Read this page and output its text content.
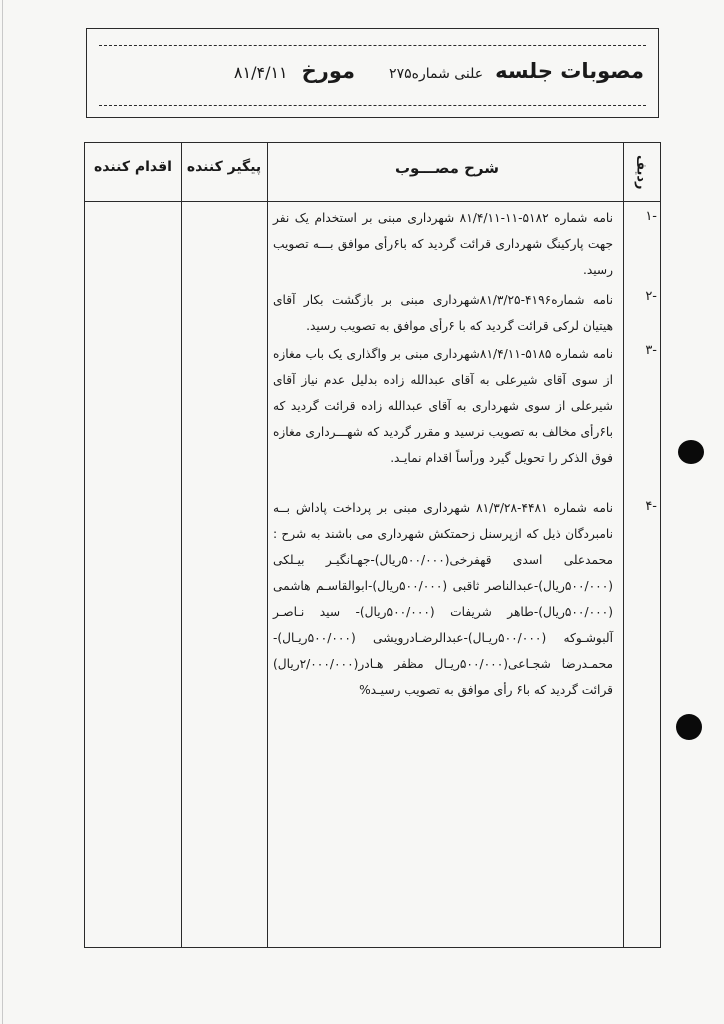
مصوبات جلسه
علنی شماره۲۷۵
مورخ
۸۱/۴/۱۱
ردیف
شرح مصـــوب
پیگیر کننده
اقدام کننده
-۱
نامه شماره ۵۱۸۲-۱۱-۸۱/۴/۱۱ شهرداری مبنی بر استخدام یک نفر جهت پارکینگ شهرداری قرائت گردید که با۶رأی موافق بـــه تصویب رسید.
-۲
نامه شماره۴۱۹۶-۸۱/۳/۲۵شهرداری مبنی بر بازگشت بکار آقای هیتیان لرکی قرائت گردید که با ۶رأی موافق به تصویب رسید.
-۳
نامه شماره ۵۱۸۵-۸۱/۴/۱۱شهرداری مبنی بر واگذاری یک باب مغازه از سوی آقای شیرعلی به آقای عبدالله زاده بدلیل عدم نیاز آقای شیرعلی از سوی شهرداری به آقای عبدالله زاده قرائت گردید که با۶رأی مخالف به تصویب نرسید و مقرر گردید که شهـــرداری مغازه فوق الذکر را تحویل گیرد ورأساً اقدام نمایـد.
-۴
نامه شماره ۴۴۸۱-۸۱/۳/۲۸ شهرداری مبنی بر پرداخت پاداش بــه نامبردگان ذیل که ازپرسنل زحمتکش شهرداری می باشند به شرح : محمدعلی اسدی قهفرخی(۵۰۰/۰۰۰ریال)-جهـانگیـر بیـلکی (۵۰۰/۰۰۰ریال)-عبدالناصر ثاقبی (۵۰۰/۰۰۰ریال)-ابوالقاسـم هاشمی (۵۰۰/۰۰۰ریال)-طاهر شریفات (۵۰۰/۰۰۰ریال)- سید نـاصـر آلبوشـوکه (۵۰۰/۰۰۰ریـال)-عبدالرضـادرویشی (۵۰۰/۰۰۰ریـال)-محمـدرضا شجـاعی(۵۰۰/۰۰۰ریـال مظفر هـادر(۲/۰۰۰/۰۰۰ریال) قرائت گردید که با۶ رأی موافق به تصویب رسیـد%
